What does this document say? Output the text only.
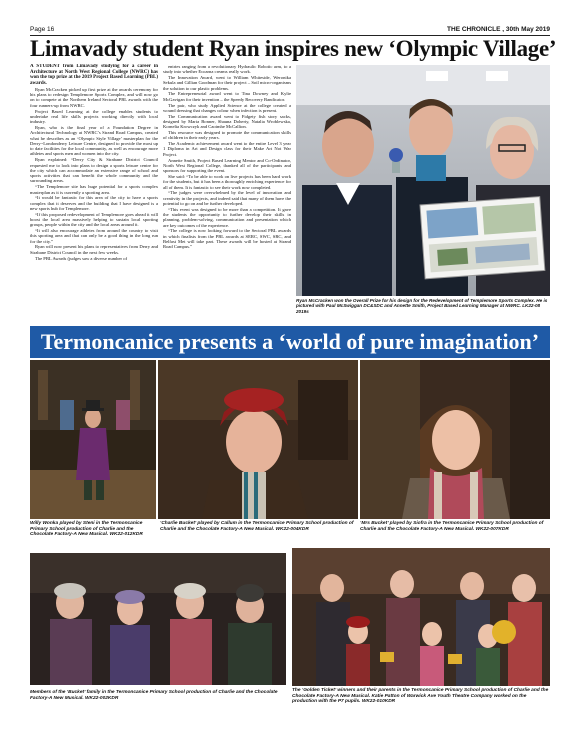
Page 16	THE CHRONICLE , 30th May 2019
Limavady student Ryan inspires new ‘Olympic Village’

A STUDENT from Limavady studying for a career in Architecture at North West Regional College (NWRC) has won the top prize at the 2019 Project Based Learning (PBL) awards.

Ryan McCracken picked up first prize at the awards ceremony for his plans to redesign Templemore Sports Complex, and will now go on to compete at the Northern Ireland Sectoral PBL awards with the four runners-up from NWRC.

Project Based Learning at the college enables students to undertake real life skills projects working directly with local industry.

Ryan, who is the final year of a Foundation Degree in Architectural Technology at NWRC’s Strand Road Campus, created what he describes as an ‘Olympic Style Village’ masterplan for the Derry~Londonderry Leisure Centre, designed to provide the most up to date facilities for the local community, as well as encourage more athletes and sports men and women into the city.

Ryan explained: “Derry City & Strabane District Council requested me to look into plans to design a sports leisure centre for the city which can accommodate an extensive range of school and sports activities that can benefit the whole community and the surrounding areas.

“The Templemore site has huge potential for a sports complex masterplan as it is currently a sporting area.

“It would be fantastic for this area of the city to have a sports complex that it deserves and the building that I have designed is a new sports hub for Templemore.

“If this proposed redevelopment of Templemore goes ahead it will boost the local area massively helping to sustain local sporting groups, people within the city and the local areas around it.

“It will also encourage athletes from around the country to visit this sporting area and that can only be a good thing in the long run for the city.”

Ryan will now present his plans to representatives from Derry and Strabane District Council in the next few weeks.

The PBL Awards (judges saw a diverse number of

entries ranging from a revolutionary Hydraulic Robotic arm, to a study into whether Ecoarna creams really work.

The Innovation Award, went to William Whiteside, Weronika Sekula and Gillian Goodman for their project – Soil micro-organisms the solution to our plastic problems.

The Entrepreneurial award went to Tina Downey and Kylie McGavigan for their invention – the Speedy Recovery Bandicator.

The pair, who study Applied Science at the college created a wound dressing that changes colour when infection is present.

The Communication award went to Fidgety fish story sacks, designed by Maria Bonner, Shauna Doherty, Natalia Wroblewska, Kornelia Krowczyk and Caoimhe McCallion.

This resource was designed to promote the communication skills of children in their early years.

The Academic achievement award went to the entire Level 3 year 1 Diploma in Art and Design class for their Make Art Not War Project.

Annette Smith, Project Based Learning Mentor and Co-Ordinator, North West Regional College, thanked all of the participants and sponsors for supporting the event.

She said: “To be able to work on live projects has been hard work for the students, but it has been a thoroughly enriching experience for all of them. It is fantastic to see their work now completed.

“The judges were overwhelmed by the level of innovation and creativity in the projects, and indeed said that many of them have the potential to go on and be further developed.

“This event was designed to be more than a competition. It gave the students the opportunity to further develop their skills in planning, problem-solving, communication and presentation which are key outcomes of the experience.

“The college is now looking forward to the Sectoral PBL awards in which finalists from the PBL awards at SERC, SWC, SRC, and Belfast Met will take part. These awards will be hosted at Strand Road Campus.”

Ryan McCracken won the Overall Prize for his design for the Redevelopment of Templemore Sports Complex. He is pictured with Paul McSwiggan DC&SDC and Annette Smith, Project Based Learning Manager at NWRC. LK22-08 2019s
Termoncanice presents a ‘world of pure imagination’
Willy Wonka played by Steni in the Termoncanice Primary School production of Charlie and the Chocolate Factory-A New Musical. WK22-012KDR
‘Charlie Bucket’ played by Callum in the Termoncanice Primary School production of Charlie and the Chocolate Factory-A New Musical. WK22-004KDR
‘Mrs Bucket’ played by Siofra in the Termoncanice Primary School production of Charlie and the Chocolate Factory-A New Musical. WK22-007KDR
Members of the ‘Bucket’ family in the Termoncanice Primary School production of Charlie and the Chocolate Factory-A New Musical. WK22-002KDR
The ‘Golden Ticket’ winners and their parents in the Termoncanice Primary School production of Charlie and the Chocolate Factory-A New Musical. Katie Patton of Warwick Ave Youth Theatre Company worked on the production with the P7 pupils. WK22-010KDR
